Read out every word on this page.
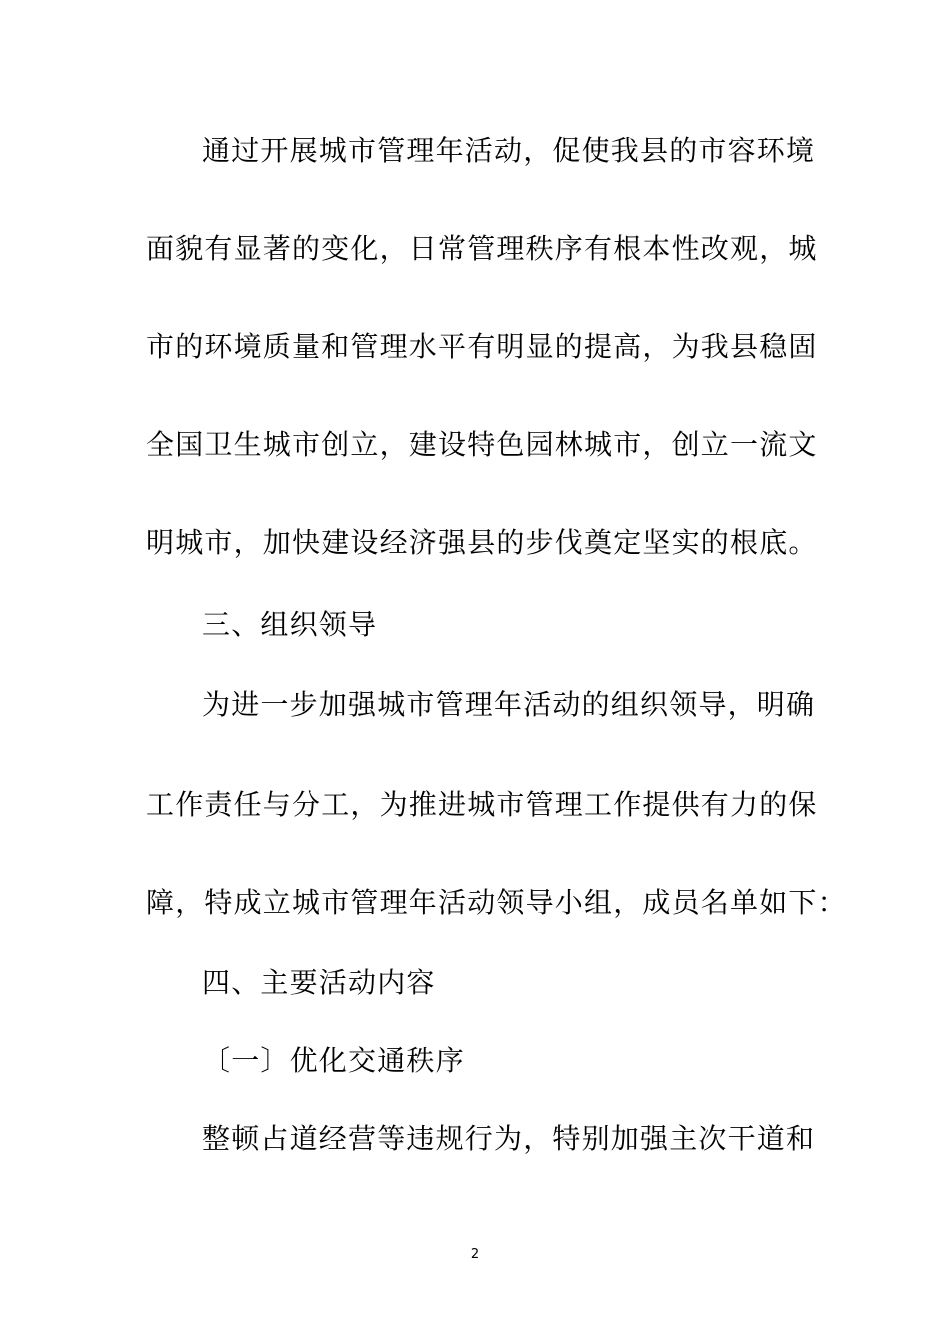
通过开展城市管理年活动，促使我县的市容环境
面貌有显著的变化，日常管理秩序有根本性改观，城
市的环境质量和管理水平有明显的提高，为我县稳固
全国卫生城市创立，建设特色园林城市，创立一流文
明城市，加快建设经济强县的步伐奠定坚实的根底。
三、组织领导
为进一步加强城市管理年活动的组织领导，明确
工作责任与分工，为推进城市管理工作提供有力的保
障，特成立城市管理年活动领导小组，成员名单如下：
四、主要活动内容
〔一〕优化交通秩序
整顿占道经营等违规行为，特别加强主次干道和
2
